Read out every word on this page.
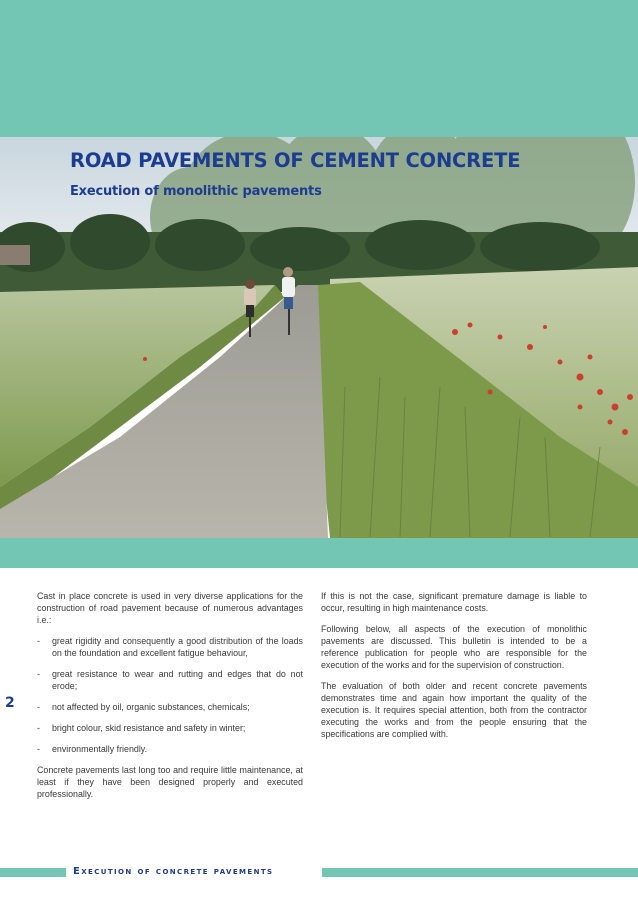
ROAD PAVEMENTS OF CEMENT CONCRETE
Execution of monolithic pavements

Cast in place concrete is used in very diverse applications for the construction of road pavement because of numerous advantages i.e.:

- great rigidity and consequently a good distribution of the loads on the foundation and excellent fatigue behaviour,
- great resistance to wear and rutting and edges that do not erode;
- not affected by oil, organic substances, chemicals;
- bright colour, skid resistance and safety in winter;
- environmentally friendly.

Concrete pavements last long too and require little maintenance, at least if they have been designed properly and executed professionally.

If this is not the case, significant premature damage is liable to occur, resulting in high maintenance costs.

Following below, all aspects of the execution of monolithic pavements are discussed. This bulletin is intended to be a reference publication for people who are responsible for the execution of the works and for the supervision of construction.

The evaluation of both older and recent concrete pavements demonstrates time and again how important the quality of the execution is. It requires special attention, both from the contractor executing the works and from the people ensuring that the specifications are complied with.

2
Execution of concrete pavements
